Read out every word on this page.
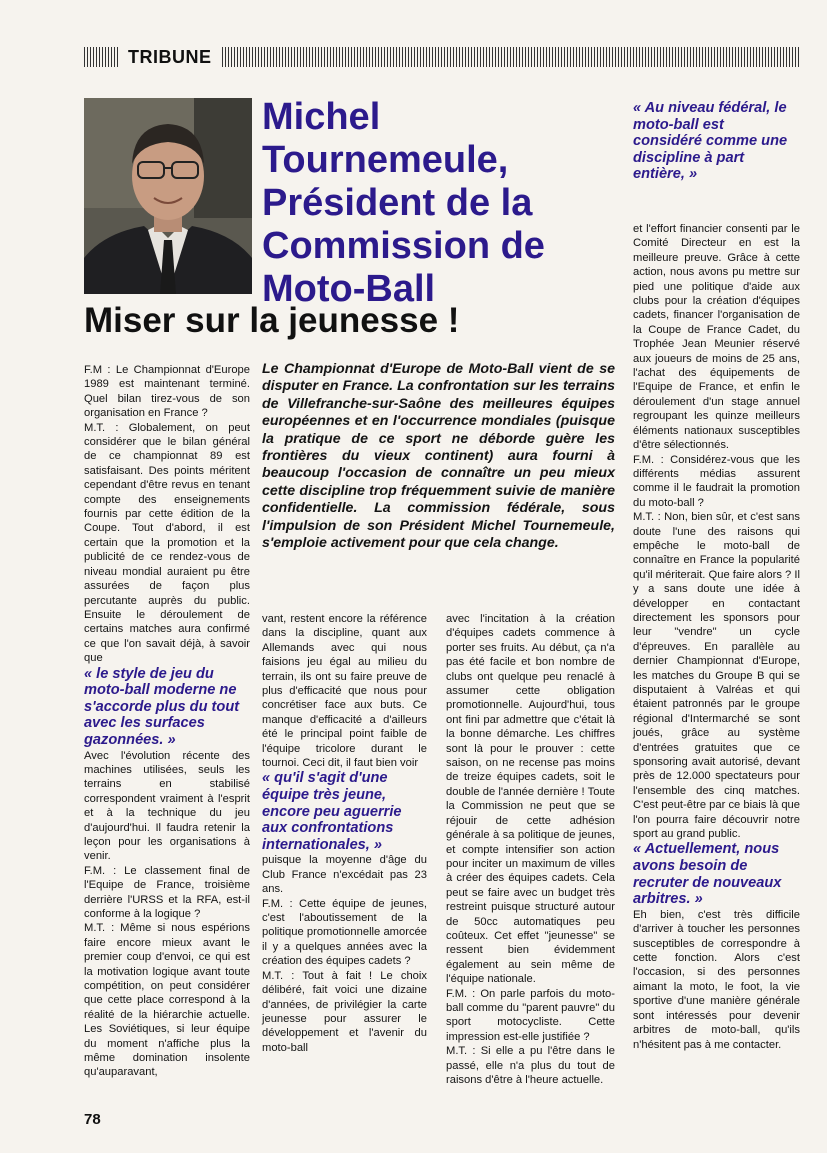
TRIBUNE
Michel Tournemeule, Président de la Commission de Moto-Ball
Miser sur la jeunesse !

Le Championnat d'Europe de Moto-Ball vient de se disputer en France. La confrontation sur les terrains de Villefranche-sur-Saône des meilleures équipes européennes et en l'occurrence mondiales (puisque la pratique de ce sport ne déborde guère les frontières du vieux continent) aura fourni à beaucoup l'occasion de connaître un peu mieux cette discipline trop fréquemment suivie de manière confidentielle. La commission fédérale, sous l'impulsion de son Président Michel Tournemeule, s'emploie activement pour que cela change.

F.M : Le Championnat d'Europe 1989 est maintenant terminé. Quel bilan tirez-vous de son organisation en France ?

M.T. : Globalement, on peut considérer que le bilan général de ce championnat 89 est satisfaisant. Des points méritent cependant d'être revus en tenant compte des enseignements fournis par cette édition de la Coupe. Tout d'abord, il est certain que la promotion et la publicité de ce rendez-vous de niveau mondial auraient pu être assurées de façon plus percutante auprès du public. Ensuite le déroulement de certains matches aura confirmé ce que l'on savait déjà, à savoir que

« le style de jeu du moto-ball moderne ne s'accorde plus du tout avec les surfaces gazonnées. »

Avec l'évolution récente des machines utilisées, seuls les terrains en stabilisé correspondent vraiment à l'esprit et à la technique du jeu d'aujourd'hui. Il faudra retenir la leçon pour les organisations à venir.

F.M. : Le classement final de l'Equipe de France, troisième derrière l'URSS et la RFA, est-il conforme à la logique ?

M.T. : Même si nous espérions faire encore mieux avant le premier coup d'envoi, ce qui est la motivation logique avant toute compétition, on peut considérer que cette place correspond à la réalité de la hiérarchie actuelle. Les Soviétiques, si leur équipe du moment n'affiche plus la même domination insolente qu'auparavant,

vant, restent encore la référence dans la discipline, quant aux Allemands avec qui nous faisions jeu égal au milieu du terrain, ils ont su faire preuve de plus d'efficacité que nous pour concrétiser face aux buts. Ce manque d'efficacité a d'ailleurs été le principal point faible de l'équipe tricolore durant le tournoi. Ceci dit, il faut bien voir

« qu'il s'agit d'une équipe très jeune, encore peu aguerrie aux confrontations internationales, »

puisque la moyenne d'âge du Club France n'excédait pas 23 ans.

F.M. : Cette équipe de jeunes, c'est l'aboutissement de la politique promotionnelle amorcée il y a quelques années avec la création des équipes cadets ?

M.T. : Tout à fait ! Le choix délibéré, fait voici une dizaine d'années, de privilégier la carte jeunesse pour assurer le développement et l'avenir du moto-ball

avec l'incitation à la création d'équipes cadets commence à porter ses fruits. Au début, ça n'a pas été facile et bon nombre de clubs ont quelque peu renaclé à assumer cette obligation promotionnelle. Aujourd'hui, tous ont fini par admettre que c'était là la bonne démarche. Les chiffres sont là pour le prouver : cette saison, on ne recense pas moins de treize équipes cadets, soit le double de l'année dernière ! Toute la Commission ne peut que se réjouir de cette adhésion générale à sa politique de jeunes, et compte intensifier son action pour inciter un maximum de villes à créer des équipes cadets. Cela peut se faire avec un budget très restreint puisque structuré autour de 50cc automatiques peu coûteux. Cet effet "jeunesse" se ressent bien évidemment également au sein même de l'équipe nationale.

F.M. : On parle parfois du moto-ball comme du "parent pauvre" du sport motocycliste. Cette impression est-elle justifiée ?

M.T. : Si elle a pu l'être dans le passé, elle n'a plus du tout de raisons d'être à l'heure actuelle.

« Au niveau fédéral, le moto-ball est considéré comme une discipline à part entière, »

et l'effort financier consenti par le Comité Directeur en est la meilleure preuve. Grâce à cette action, nous avons pu mettre sur pied une politique d'aide aux clubs pour la création d'équipes cadets, financer l'organisation de la Coupe de France Cadet, du Trophée Jean Meunier réservé aux joueurs de moins de 25 ans, l'achat des équipements de l'Equipe de France, et enfin le déroulement d'un stage annuel regroupant les quinze meilleurs éléments nationaux susceptibles d'être sélectionnés.

F.M. : Considérez-vous que les différents médias assurent comme il le faudrait la promotion du moto-ball ?

M.T. : Non, bien sûr, et c'est sans doute l'une des raisons qui empêche le moto-ball de connaître en France la popularité qu'il mériterait. Que faire alors ? Il y a sans doute une idée à développer en contactant directement les sponsors pour leur "vendre" un cycle d'épreuves. En parallèle au dernier Championnat d'Europe, les matches du Groupe B qui se disputaient à Valréas et qui étaient patronnés par le groupe régional d'Intermarché se sont joués, grâce au système d'entrées gratuites que ce sponsoring avait autorisé, devant près de 12.000 spectateurs pour l'ensemble des cinq matches. C'est peut-être par ce biais là que l'on pourra faire découvrir notre sport au grand public.

« Actuellement, nous avons besoin de recruter de nouveaux arbitres. »

Eh bien, c'est très difficile d'arriver à toucher les personnes susceptibles de correspondre à cette fonction. Alors c'est l'occasion, si des personnes aimant la moto, le foot, la vie sportive d'une manière générale sont intéressés pour devenir arbitres de moto-ball, qu'ils n'hésitent pas à me contacter.

78
